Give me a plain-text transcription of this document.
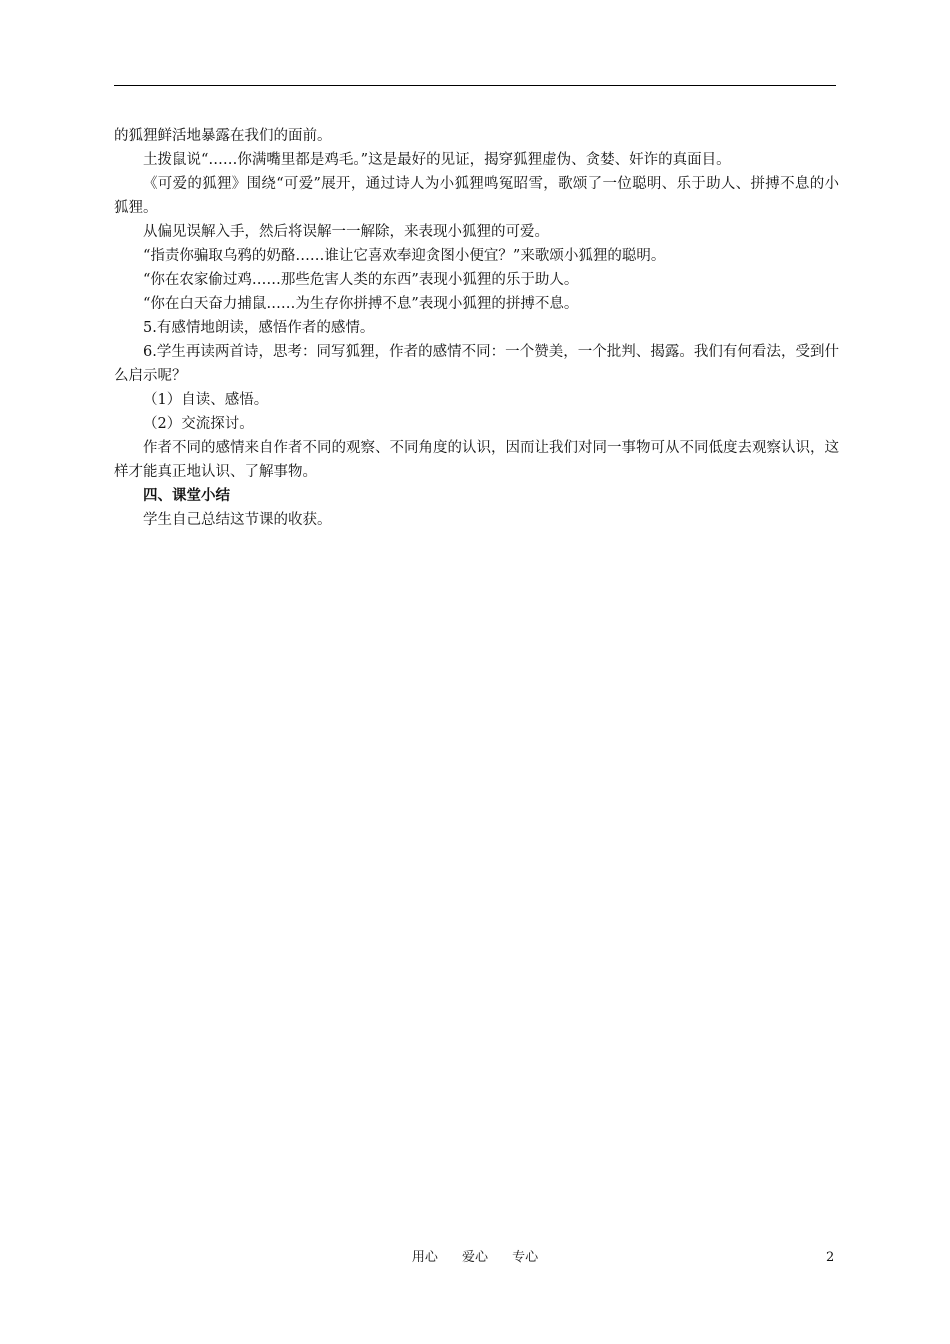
的狐狸鲜活地暴露在我们的面前。

土拨鼠说“……你满嘴里都是鸡毛。”这是最好的见证，揭穿狐狸虚伪、贪婪、奸诈的真面目。

《可爱的狐狸》围绕“可爱”展开，通过诗人为小狐狸鸣冤昭雪，歌颂了一位聪明、乐于助人、拼搏不息的小狐狸。

从偏见误解入手，然后将误解一一解除，来表现小狐狸的可爱。

“指责你骗取乌鸦的奶酪……谁让它喜欢奉迎贪图小便宜？”来歌颂小狐狸的聪明。

“你在农家偷过鸡……那些危害人类的东西”表现小狐狸的乐于助人。

“你在白天奋力捕鼠……为生存你拼搏不息”表现小狐狸的拼搏不息。

5.有感情地朗读，感悟作者的感情。

6.学生再读两首诗，思考：同写狐狸，作者的感情不同：一个赞美，一个批判、揭露。我们有何看法，受到什么启示呢？

（1）自读、感悟。

（2）交流探讨。

作者不同的感情来自作者不同的观察、不同角度的认识，因而让我们对同一事物可从不同低度去观察认识，这样才能真正地认识、了解事物。

四、课堂小结

学生自己总结这节课的收获。

用心 爱心 专心	2
